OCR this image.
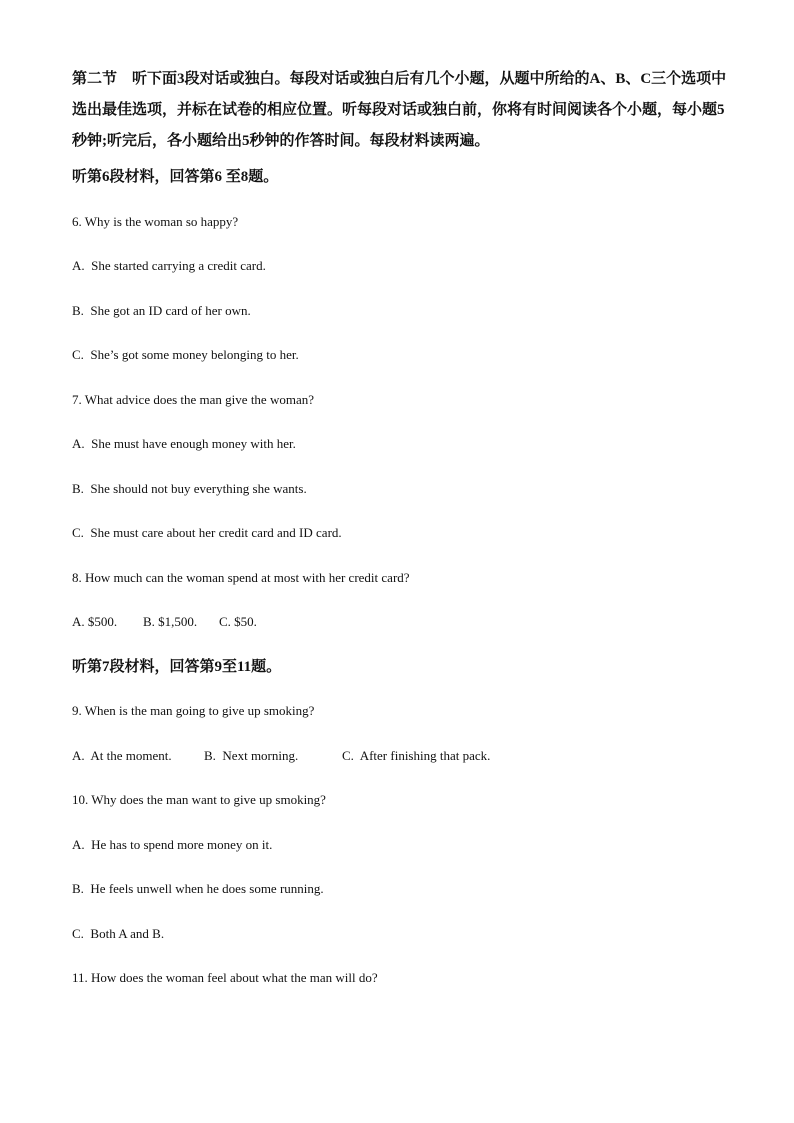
第二节　听下面3段对话或独白。每段对话或独白后有几个小题，从题中所给的A、B、C三个选项中选出最佳选项，并标在试卷的相应位置。听每段对话或独白前，你将有时间阅读各个小题，每小题5秒钟;听完后，各小题给出5秒钟的作答时间。每段材料读两遍。

听第6段材料，回答第6 至8题。

6. Why is the woman so happy?

A.  She started carrying a credit card.

B.  She got an ID card of her own.

C.  She’s got some money belonging to her.

7. What advice does the man give the woman?

A.  She must have enough money with her.

B.  She should not buy everything she wants.

C.  She must care about her credit card and ID card.

8. How much can the woman spend at most with her credit card?

A. $500. B. $1,500. C. $50.

听第7段材料，回答第9至11题。

9. When is the man going to give up smoking?

A.  At the moment. B.  Next morning.	C.  After finishing that pack.

10. Why does the man want to give up smoking?

A.  He has to spend more money on it.

B.  He feels unwell when he does some running.

C.  Both A and B.

11. How does the woman feel about what the man will do?
